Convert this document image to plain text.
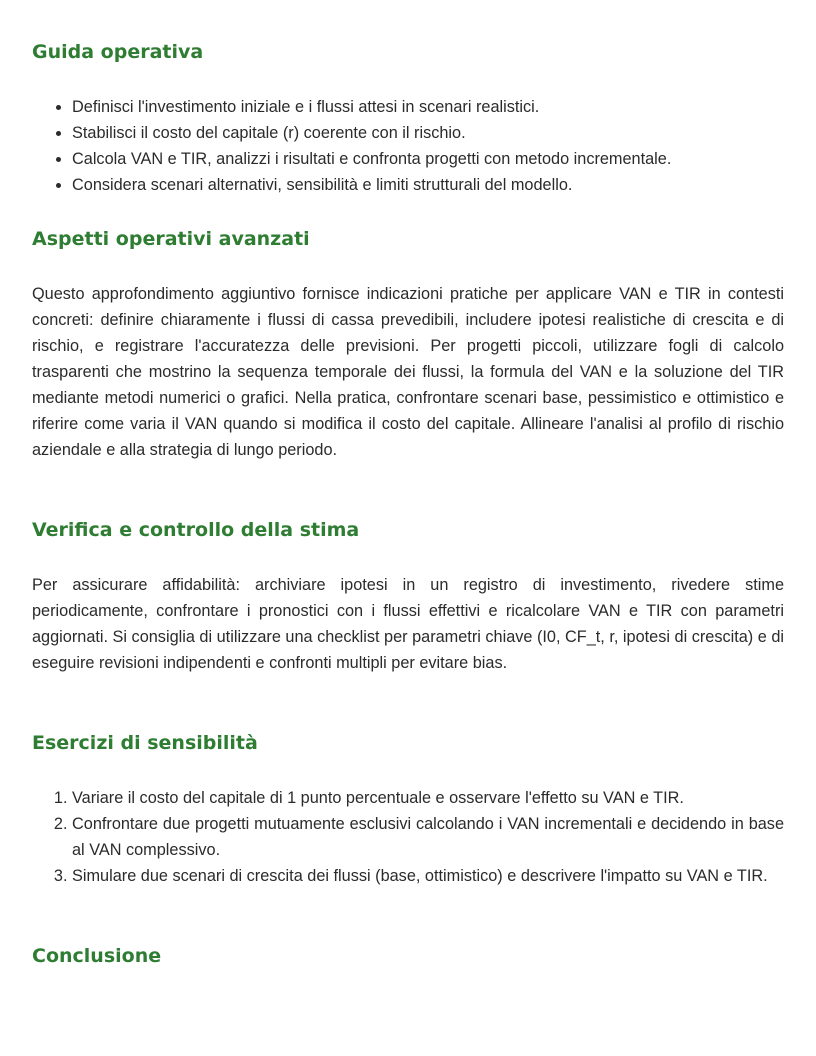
Guida operativa
• Definisci l'investimento iniziale e i flussi attesi in scenari realistici.
• Stabilisci il costo del capitale (r) coerente con il rischio.
• Calcola VAN e TIR, analizzi i risultati e confronta progetti con metodo incrementale.
• Considera scenari alternativi, sensibilità e limiti strutturali del modello.
Aspetti operativi avanzati

Questo approfondimento aggiuntivo fornisce indicazioni pratiche per applicare VAN e TIR in contesti concreti: definire chiaramente i flussi di cassa prevedibili, includere ipotesi realistiche di crescita e di rischio, e registrare l'accuratezza delle previsioni. Per progetti piccoli, utilizzare fogli di calcolo trasparenti che mostrino la sequenza temporale dei flussi, la formula del VAN e la soluzione del TIR mediante metodi numerici o grafici. Nella pratica, confrontare scenari base, pessimistico e ottimistico e riferire come varia il VAN quando si modifica il costo del capitale. Allineare l'analisi al profilo di rischio aziendale e alla strategia di lungo periodo.

Verifica e controllo della stima

Per assicurare affidabilità: archiviare ipotesi in un registro di investimento, rivedere stime periodicamente, confrontare i pronostici con i flussi effettivi e ricalcolare VAN e TIR con parametri aggiornati. Si consiglia di utilizzare una checklist per parametri chiave (I0, CF_t, r, ipotesi di crescita) e di eseguire revisioni indipendenti e confronti multipli per evitare bias.

Esercizi di sensibilità
1. Variare il costo del capitale di 1 punto percentuale e osservare l'effetto su VAN e TIR.
2. Confrontare due progetti mutuamente esclusivi calcolando i VAN incrementali e decidendo in base al VAN complessivo.
3. Simulare due scenari di crescita dei flussi (base, ottimistico) e descrivere l'impatto su VAN e TIR.
Conclusione
